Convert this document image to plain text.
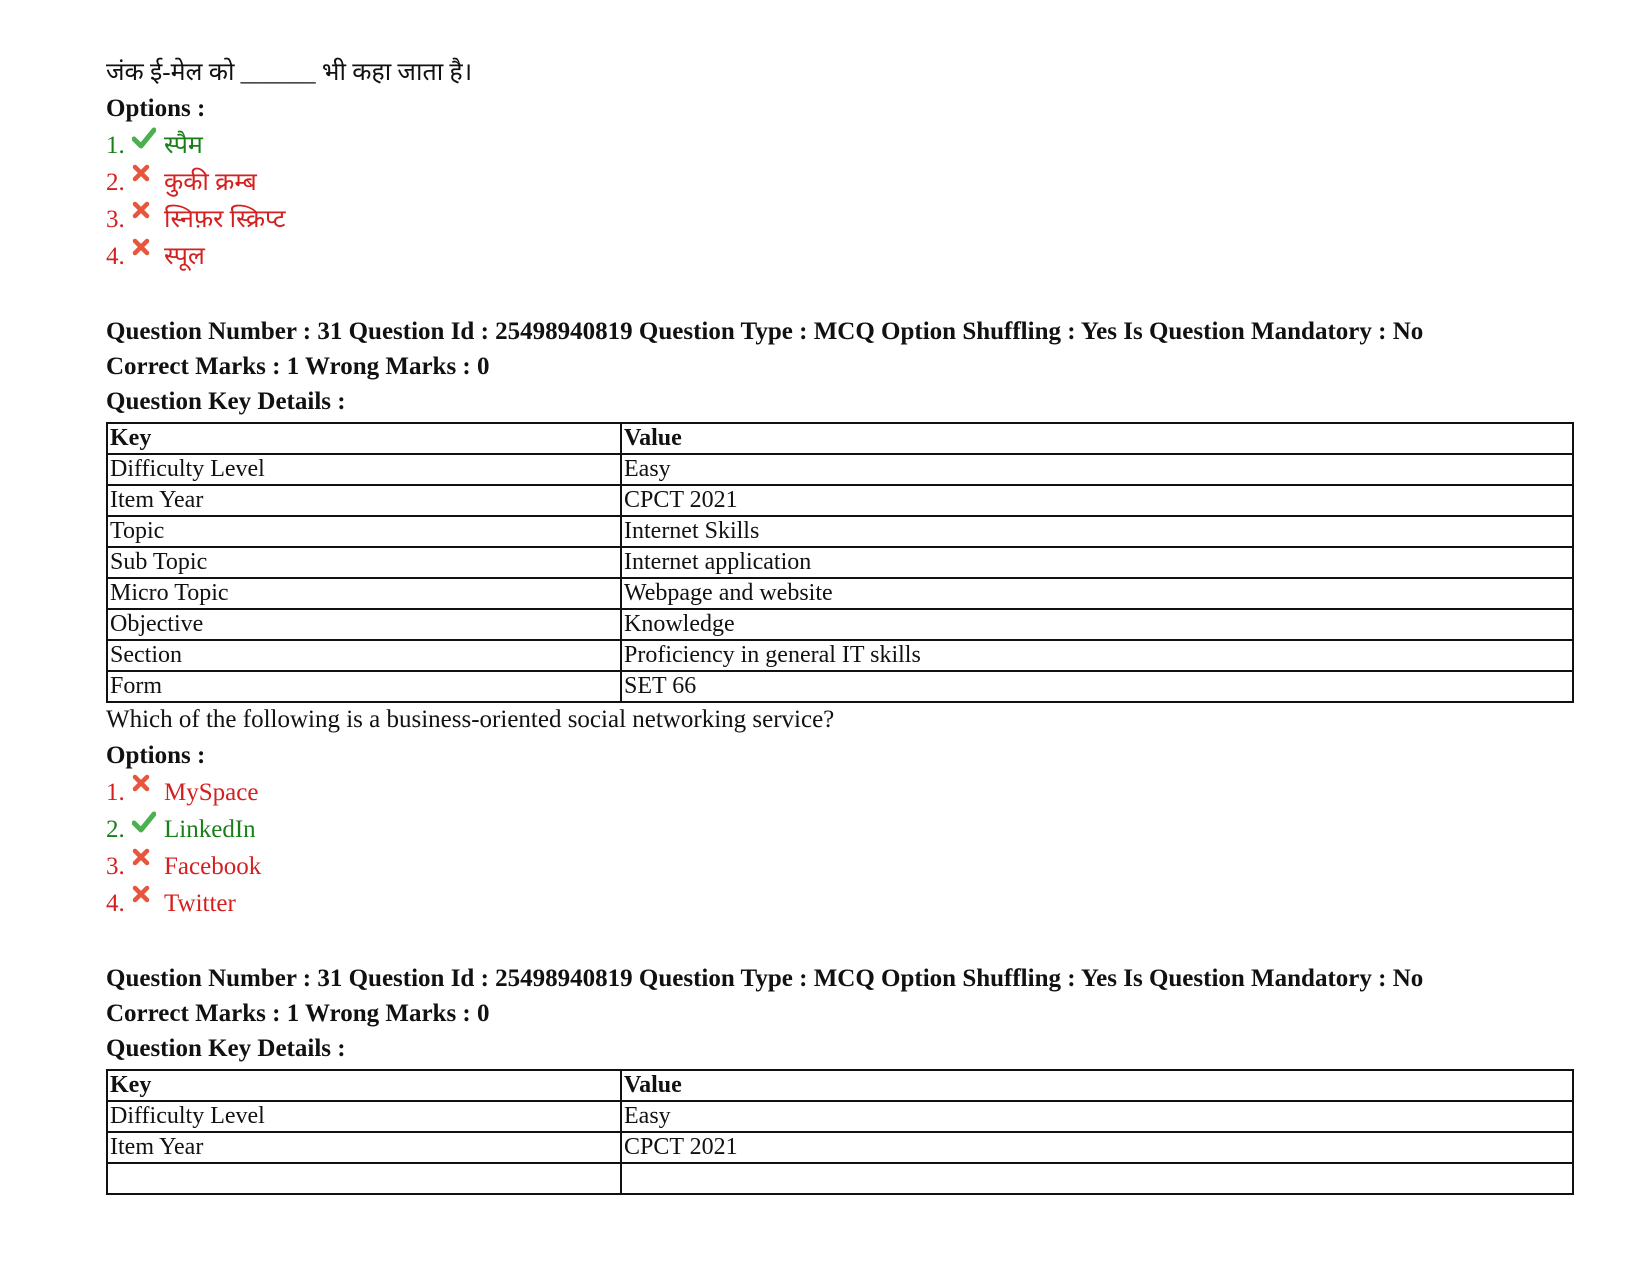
जंक ई-मेल को ______ भी कहा जाता है।
Options :
1. स्पैम
2. कुकी क्रम्ब
3. स्निफ़र स्क्रिप्ट
4. स्पूल
Question Number : 31 Question Id : 25498940819 Question Type : MCQ Option Shuffling : Yes Is Question Mandatory : No
Correct Marks : 1 Wrong Marks : 0
Question Key Details :
Key	Value
Difficulty Level	Easy
Item Year	CPCT 2021
Topic	Internet Skills
Sub Topic	Internet application
Micro Topic	Webpage and website
Objective	Knowledge
Section	Proficiency in general IT skills
Form	SET 66
Which of the following is a business-oriented social networking service?
Options :
1. MySpace
2. LinkedIn
3. Facebook
4. Twitter
Question Number : 31 Question Id : 25498940819 Question Type : MCQ Option Shuffling : Yes Is Question Mandatory : No
Correct Marks : 1 Wrong Marks : 0
Question Key Details :
Key	Value
Difficulty Level	Easy
Item Year	CPCT 2021
